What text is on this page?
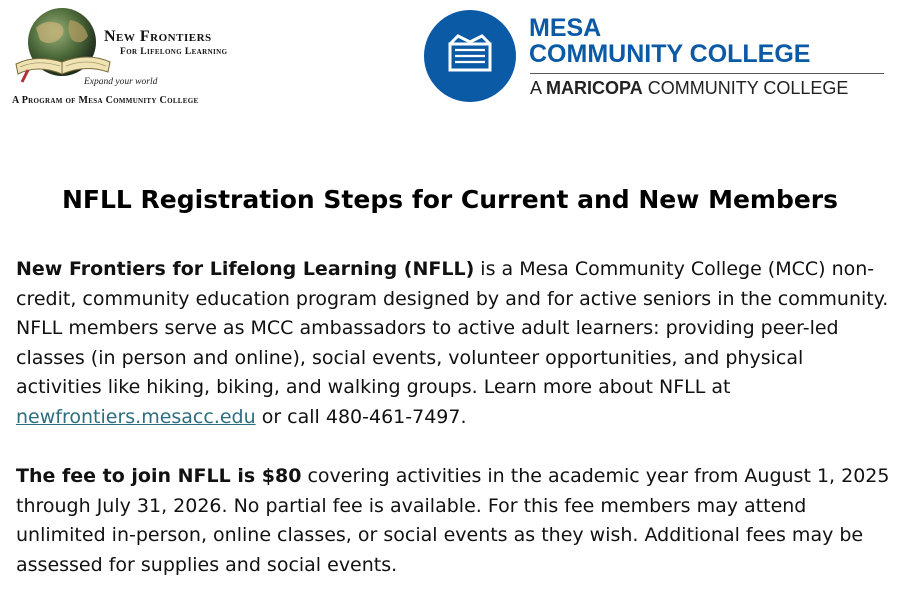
New Frontiers
For Lifelong Learning
Expand your world
A Program of Mesa Community College
MESA
COMMUNITY COLLEGE
A MARICOPA COMMUNITY COLLEGE
NFLL Registration Steps for Current and New Members

New Frontiers for Lifelong Learning (NFLL) is a Mesa Community College (MCC) non-credit, community education program designed by and for active seniors in the community. NFLL members serve as MCC ambassadors to active adult learners: providing peer-led classes (in person and online), social events, volunteer opportunities, and physical activities like hiking, biking, and walking groups. Learn more about NFLL at newfrontiers.mesacc.edu or call 480-461-7497.

The fee to join NFLL is $80 covering activities in the academic year from August 1, 2025 through July 31, 2026. No partial fee is available. For this fee members may attend unlimited in-person, online classes, or social events as they wish. Additional fees may be assessed for supplies and social events.
